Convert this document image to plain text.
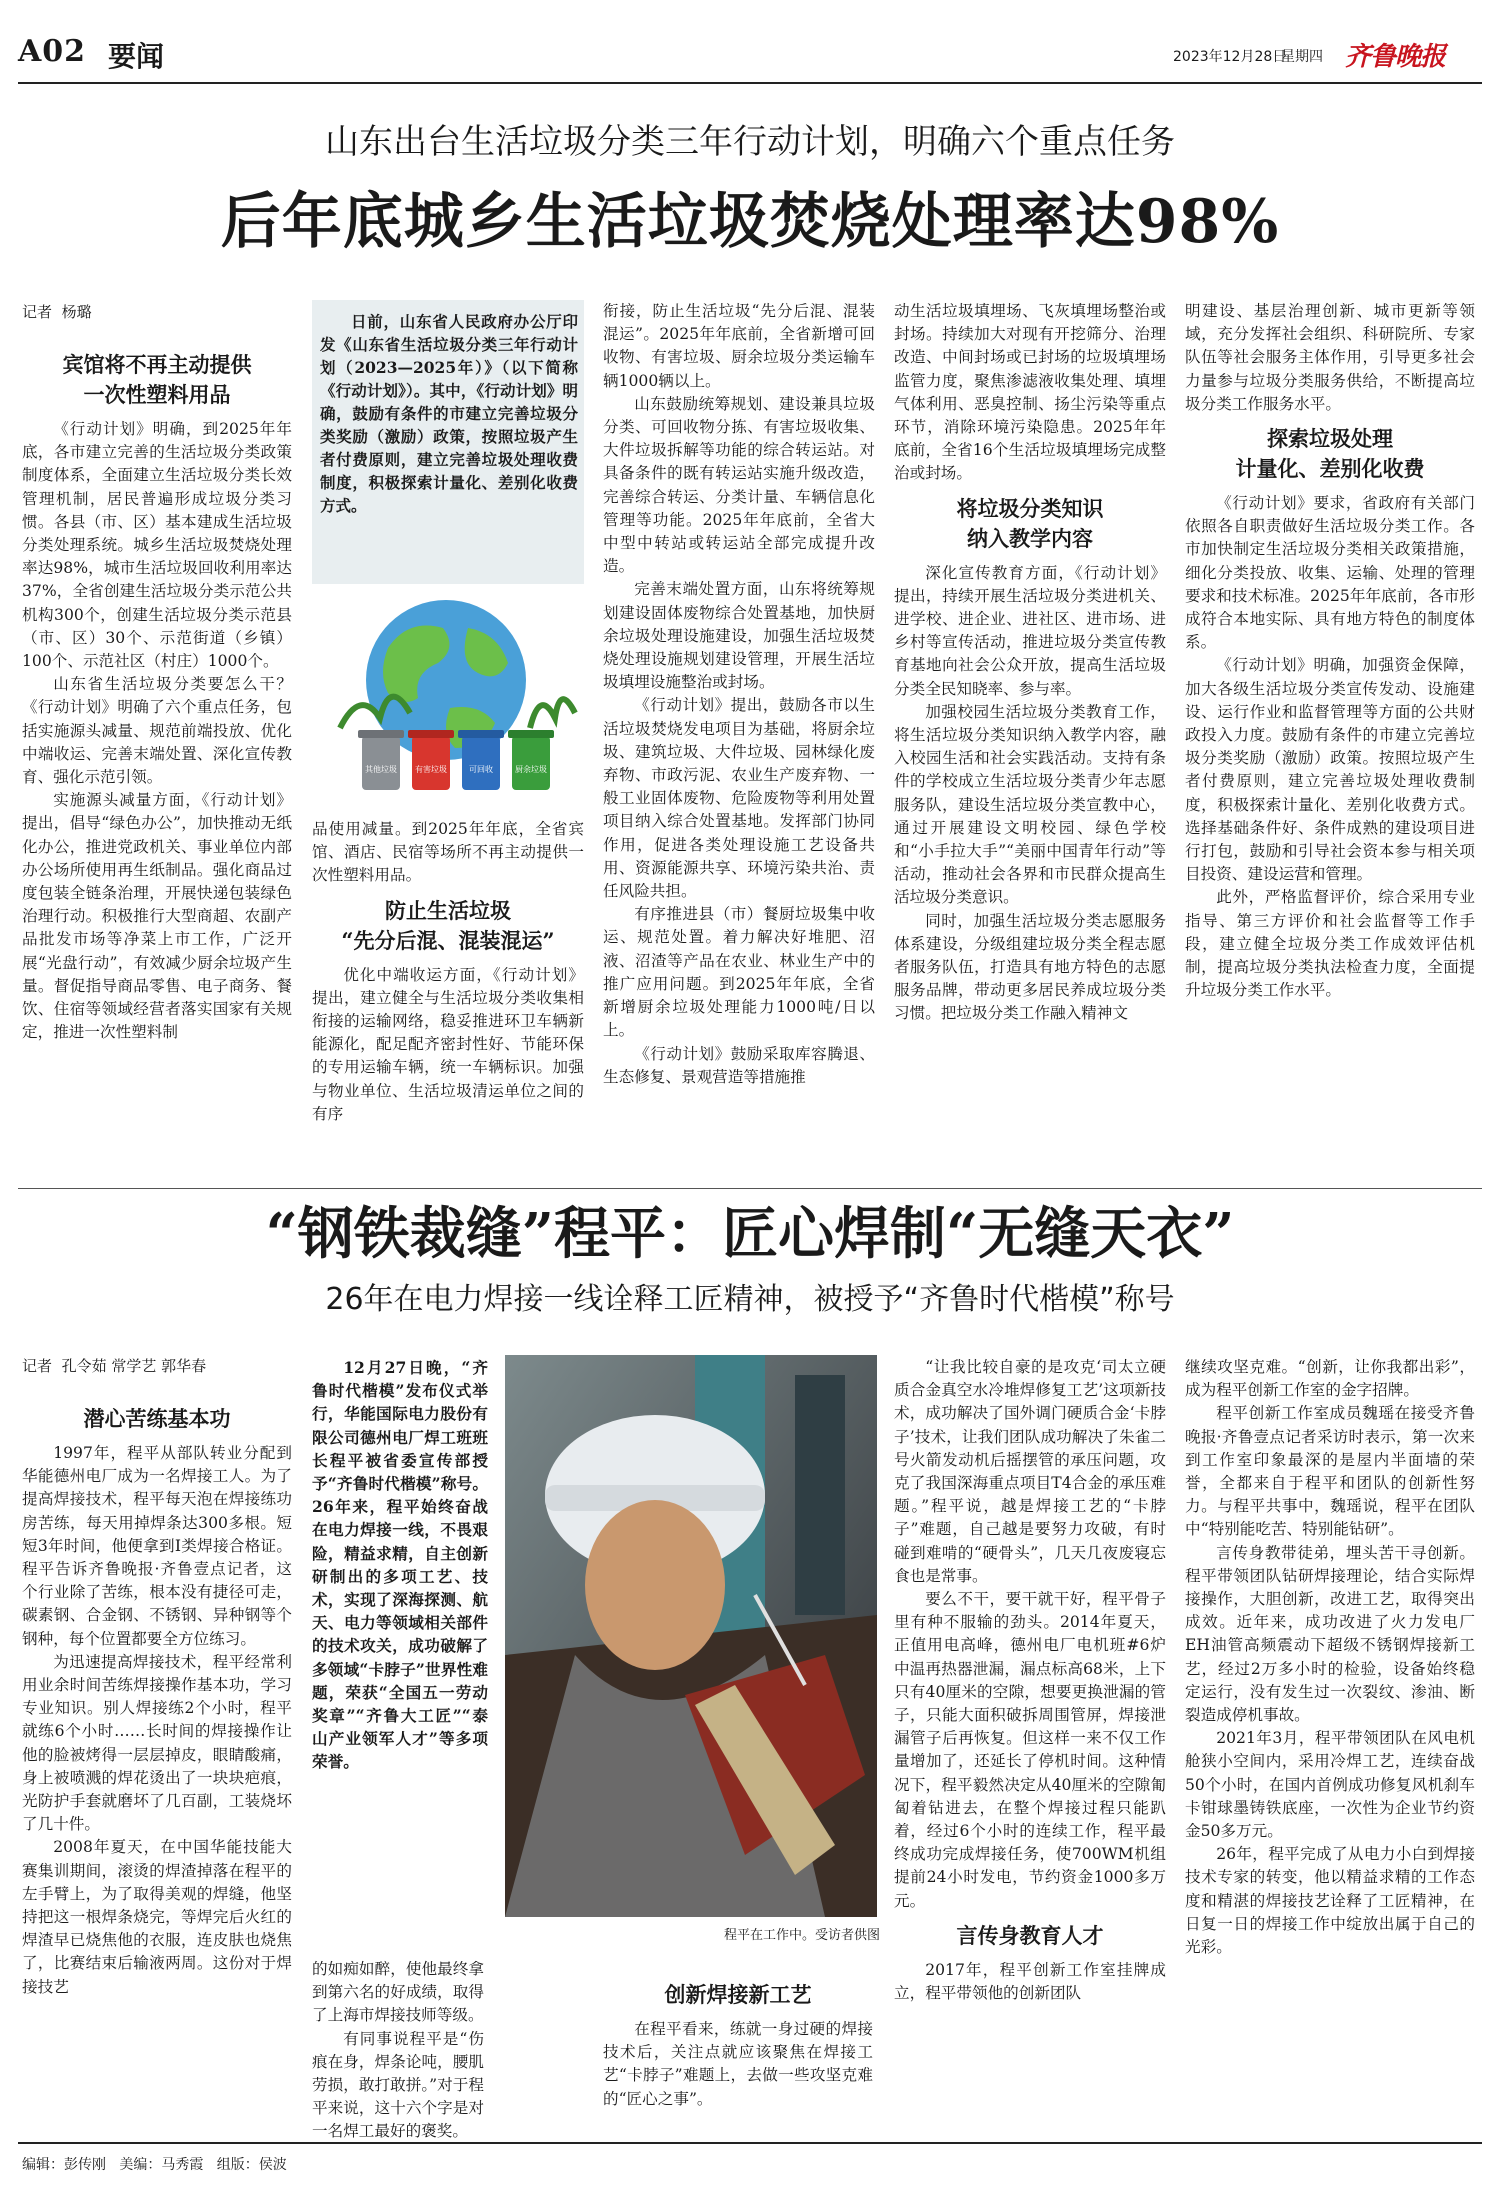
A02 要闻	2023年12月28日
星期四 齐鲁晚报
山东出台生活垃圾分类三年行动计划，明确六个重点任务
后年底城乡生活垃圾焚烧处理率达98%
记者 杨璐
宾馆将不再主动提供
一次性塑料用品

《行动计划》明确，到2025年年底，各市建立完善的生活垃圾分类政策制度体系，全面建立生活垃圾分类长效管理机制，居民普遍形成垃圾分类习惯。各县（市、区）基本建成生活垃圾分类处理系统。城乡生活垃圾焚烧处理率达98%，城市生活垃圾回收利用率达37%，全省创建生活垃圾分类示范公共机构300个，创建生活垃圾分类示范县（市、区）30个、示范街道（乡镇）100个、示范社区（村庄）1000个。

山东省生活垃圾分类要怎么干？《行动计划》明确了六个重点任务，包括实施源头减量、规范前端投放、优化中端收运、完善末端处置、深化宣传教育、强化示范引领。

实施源头减量方面，《行动计划》提出，倡导“绿色办公”，加快推动无纸化办公，推进党政机关、事业单位内部办公场所使用再生纸制品。强化商品过度包装全链条治理，开展快递包装绿色治理行动。积极推行大型商超、农副产品批发市场等净菜上市工作，广泛开展“光盘行动”，有效减少厨余垃圾产生量。督促指导商品零售、电子商务、餐饮、住宿等领域经营者落实国家有关规定，推进一次性塑料制

日前，山东省人民政府办公厅印发《山东省生活垃圾分类三年行动计划（2023—2025年）》（以下简称《行动计划》）。其中，《行动计划》明确，鼓励有条件的市建立完善垃圾分类奖励（激励）政策，按照垃圾产生者付费原则，建立完善垃圾处理收费制度，积极探索计量化、差别化收费方式。
其他垃圾	有害垃圾	可回收	厨余垃圾

品使用减量。到2025年年底，全省宾馆、酒店、民宿等场所不再主动提供一次性塑料用品。

防止生活垃圾
“先分后混、混装混运”

优化中端收运方面，《行动计划》提出，建立健全与生活垃圾分类收集相衔接的运输网络，稳妥推进环卫车辆新能源化，配足配齐密封性好、节能环保的专用运输车辆，统一车辆标识。加强与物业单位、生活垃圾清运单位之间的有序

衔接，防止生活垃圾“先分后混、混装混运”。2025年年底前，全省新增可回收物、有害垃圾、厨余垃圾分类运输车辆1000辆以上。

山东鼓励统筹规划、建设兼具垃圾分类、可回收物分拣、有害垃圾收集、大件垃圾拆解等功能的综合转运站。对具备条件的既有转运站实施升级改造，完善综合转运、分类计量、车辆信息化管理等功能。2025年年底前，全省大中型中转站或转运站全部完成提升改造。

完善末端处置方面，山东将统筹规划建设固体废物综合处置基地，加快厨余垃圾处理设施建设，加强生活垃圾焚烧处理设施规划建设管理，开展生活垃圾填埋设施整治或封场。

《行动计划》提出，鼓励各市以生活垃圾焚烧发电项目为基础，将厨余垃圾、建筑垃圾、大件垃圾、园林绿化废弃物、市政污泥、农业生产废弃物、一般工业固体废物、危险废物等利用处置项目纳入综合处置基地。发挥部门协同作用，促进各类处理设施工艺设备共用、资源能源共享、环境污染共治、责任风险共担。

有序推进县（市）餐厨垃圾集中收运、规范处置。着力解决好堆肥、沼液、沼渣等产品在农业、林业生产中的推广应用问题。到2025年年底，全省新增厨余垃圾处理能力1000吨/日以上。

《行动计划》鼓励采取库容腾退、生态修复、景观营造等措施推

动生活垃圾填埋场、飞灰填埋场整治或封场。持续加大对现有开挖筛分、治理改造、中间封场或已封场的垃圾填埋场监管力度，聚焦渗滤液收集处理、填埋气体利用、恶臭控制、扬尘污染等重点环节，消除环境污染隐患。2025年年底前，全省16个生活垃圾填埋场完成整治或封场。

将垃圾分类知识
纳入教学内容

深化宣传教育方面，《行动计划》提出，持续开展生活垃圾分类进机关、进学校、进企业、进社区、进市场、进乡村等宣传活动，推进垃圾分类宣传教育基地向社会公众开放，提高生活垃圾分类全民知晓率、参与率。

加强校园生活垃圾分类教育工作，将生活垃圾分类知识纳入教学内容，融入校园生活和社会实践活动。支持有条件的学校成立生活垃圾分类青少年志愿服务队，建设生活垃圾分类宣教中心，通过开展建设文明校园、绿色学校和“小手拉大手”“美丽中国青年行动”等活动，推动社会各界和市民群众提高生活垃圾分类意识。

同时，加强生活垃圾分类志愿服务体系建设，分级组建垃圾分类全程志愿者服务队伍，打造具有地方特色的志愿服务品牌，带动更多居民养成垃圾分类习惯。把垃圾分类工作融入精神文

明建设、基层治理创新、城市更新等领域，充分发挥社会组织、科研院所、专家队伍等社会服务主体作用，引导更多社会力量参与垃圾分类服务供给，不断提高垃圾分类工作服务水平。

探索垃圾处理
计量化、差别化收费

《行动计划》要求，省政府有关部门依照各自职责做好生活垃圾分类工作。各市加快制定生活垃圾分类相关政策措施，细化分类投放、收集、运输、处理的管理要求和技术标准。2025年年底前，各市形成符合本地实际、具有地方特色的制度体系。

《行动计划》明确，加强资金保障，加大各级生活垃圾分类宣传发动、设施建设、运行作业和监督管理等方面的公共财政投入力度。鼓励有条件的市建立完善垃圾分类奖励（激励）政策。按照垃圾产生者付费原则，建立完善垃圾处理收费制度，积极探索计量化、差别化收费方式。选择基础条件好、条件成熟的建设项目进行打包，鼓励和引导社会资本参与相关项目投资、建设运营和管理。

此外，严格监督评价，综合采用专业指导、第三方评价和社会监督等工作手段，建立健全垃圾分类工作成效评估机制，提高垃圾分类执法检查力度，全面提升垃圾分类工作水平。

“钢铁裁缝”程平：匠心焊制“无缝天衣”
26年在电力焊接一线诠释工匠精神，被授予“齐鲁时代楷模”称号
记者 孔令茹 常学艺 郭华春
潜心苦练基本功

1997年，程平从部队转业分配到华能德州电厂成为一名焊接工人。为了提高焊接技术，程平每天泡在焊接练功房苦练，每天用掉焊条达300多根。短短3年时间，他便拿到Ⅰ类焊接合格证。程平告诉齐鲁晚报·齐鲁壹点记者，这个行业除了苦练，根本没有捷径可走，碳素钢、合金钢、不锈钢、异种钢等个钢种，每个位置都要全方位练习。

为迅速提高焊接技术，程平经常利用业余时间苦练焊接操作基本功，学习专业知识。别人焊接练2个小时，程平就练6个小时……长时间的焊接操作让他的脸被烤得一层层掉皮，眼睛酸痛，身上被喷溅的焊花烫出了一块块疤痕，光防护手套就磨坏了几百副，工装烧坏了几十件。

2008年夏天，在中国华能技能大赛集训期间，滚烫的焊渣掉落在程平的左手臂上，为了取得美观的焊缝，他坚持把这一根焊条烧完，等焊完后火红的焊渣早已烧焦他的衣服，连皮肤也烧焦了，比赛结束后输液两周。这份对于焊接技艺

12月27日晚，“齐鲁时代楷模”发布仪式举行，华能国际电力股份有限公司德州电厂焊工班班长程平被省委宣传部授予“齐鲁时代楷模”称号。26年来，程平始终奋战在电力焊接一线，不畏艰险，精益求精，自主创新研制出的多项工艺、技术，实现了深海探测、航天、电力等领域相关部件的技术攻关，成功破解了多领域“卡脖子”世界性难题，荣获“全国五一劳动奖章”“齐鲁大工匠”“泰山产业领军人才”等多项荣誉。

程平在工作中。受访者供图

的如痴如醉，使他最终拿到第六名的好成绩，取得了上海市焊接技师等级。

有同事说程平是“伤痕在身，焊条论吨，腰肌劳损，敢打敢拼。”对于程平来说，这十六个字是对一名焊工最好的褒奖。

创新焊接新工艺

在程平看来，练就一身过硬的焊接技术后，关注点就应该聚焦在焊接工艺“卡脖子”难题上，去做一些攻坚克难的“匠心之事”。

“让我比较自豪的是攻克‘司太立硬质合金真空水冷堆焊修复工艺’这项新技术，成功解决了国外调门硬质合金‘卡脖子’技术，让我们团队成功解决了朱雀二号火箭发动机后摇摆管的承压问题，攻克了我国深海重点项目T4合金的承压难题。”程平说，越是焊接工艺的“卡脖子”难题，自己越是要努力攻破，有时碰到难啃的“硬骨头”，几天几夜废寝忘食也是常事。

要么不干，要干就干好，程平骨子里有种不服输的劲头。2014年夏天，正值用电高峰，德州电厂电机班#6炉中温再热器泄漏，漏点标高68米，上下只有40厘米的空隙，想要更换泄漏的管子，只能大面积破拆周围管屏，焊接泄漏管子后再恢复。但这样一来不仅工作量增加了，还延长了停机时间。这种情况下，程平毅然决定从40厘米的空隙匍匐着钻进去，在整个焊接过程只能趴着，经过6个小时的连续工作，程平最终成功完成焊接任务，使700WM机组提前24小时发电，节约资金1000多万元。

言传身教育人才

2017年，程平创新工作室挂牌成立，程平带领他的创新团队

继续攻坚克难。“创新，让你我都出彩”，成为程平创新工作室的金字招牌。

程平创新工作室成员魏瑶在接受齐鲁晚报·齐鲁壹点记者采访时表示，第一次来到工作室印象最深的是屋内半面墙的荣誉，全都来自于程平和团队的创新性努力。与程平共事中，魏瑶说，程平在团队中“特别能吃苦、特别能钻研”。

言传身教带徒弟，埋头苦干寻创新。程平带领团队钻研焊接理论，结合实际焊接操作，大胆创新，改进工艺，取得突出成效。近年来，成功改进了火力发电厂EH油管高频震动下超级不锈钢焊接新工艺，经过2万多小时的检验，设备始终稳定运行，没有发生过一次裂纹、渗油、断裂造成停机事故。

2021年3月，程平带领团队在风电机舱狭小空间内，采用冷焊工艺，连续奋战50个小时，在国内首例成功修复风机刹车卡钳球墨铸铁底座，一次性为企业节约资金50多万元。

26年，程平完成了从电力小白到焊接技术专家的转变，他以精益求精的工作态度和精湛的焊接技艺诠释了工匠精神，在日复一日的焊接工作中绽放出属于自己的光彩。

编辑：彭传刚 美编：马秀霞 组版：侯波
